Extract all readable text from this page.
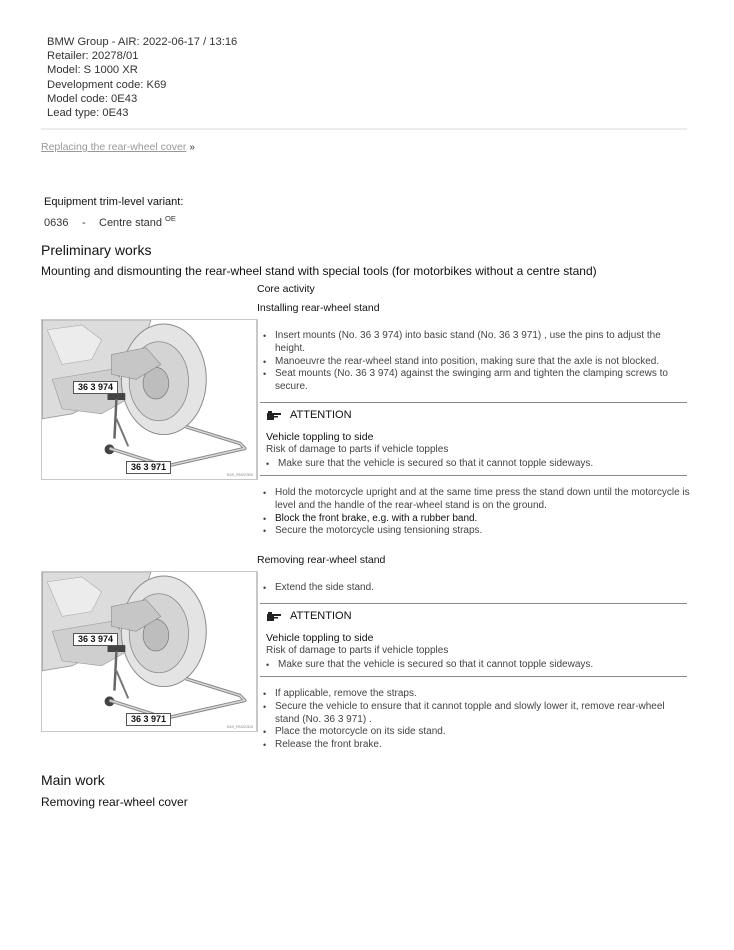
BMW Group - AIR: 2022-06-17 / 13:16
Retailer: 20278/01
Model: S 1000 XR
Development code: K69
Model code: 0E43
Lead type: 0E43
Replacing the rear-wheel cover »
Equipment trim-level variant:
0636 - Centre stand $^{OE}$
Preliminary works
Mounting and dismounting the rear-wheel stand with special tools (for motorbikes without a centre stand)
Core activity
Installing rear-wheel stand
36 3 974
36 3 971
K69_RN22300
• Insert mounts (No. 36 3 974) into basic stand (No. 36 3 971) , use the pins to adjust the height.
• Manoeuvre the rear-wheel stand into position, making sure that the axle is not blocked.
• Seat mounts (No. 36 3 974) against the swinging arm and tighten the clamping screws to secure.
ATTENTION
Vehicle toppling to side
Risk of damage to parts if vehicle topples
• Make sure that the vehicle is secured so that it cannot topple sideways.
• Hold the motorcycle upright and at the same time press the stand down until the motorcycle is level and the handle of the rear-wheel stand is on the ground.
• Block the front brake, e.g. with a rubber band.
• Secure the motorcycle using tensioning straps.
Removing rear-wheel stand
36 3 974
36 3 971
K69_RN22303
• Extend the side stand.
ATTENTION
Vehicle toppling to side
Risk of damage to parts if vehicle topples
• Make sure that the vehicle is secured so that it cannot topple sideways.
• If applicable, remove the straps.
• Secure the vehicle to ensure that it cannot topple and slowly lower it, remove rear-wheel stand (No. 36 3 971) .
• Place the motorcycle on its side stand.
• Release the front brake.
Main work
Removing rear-wheel cover
